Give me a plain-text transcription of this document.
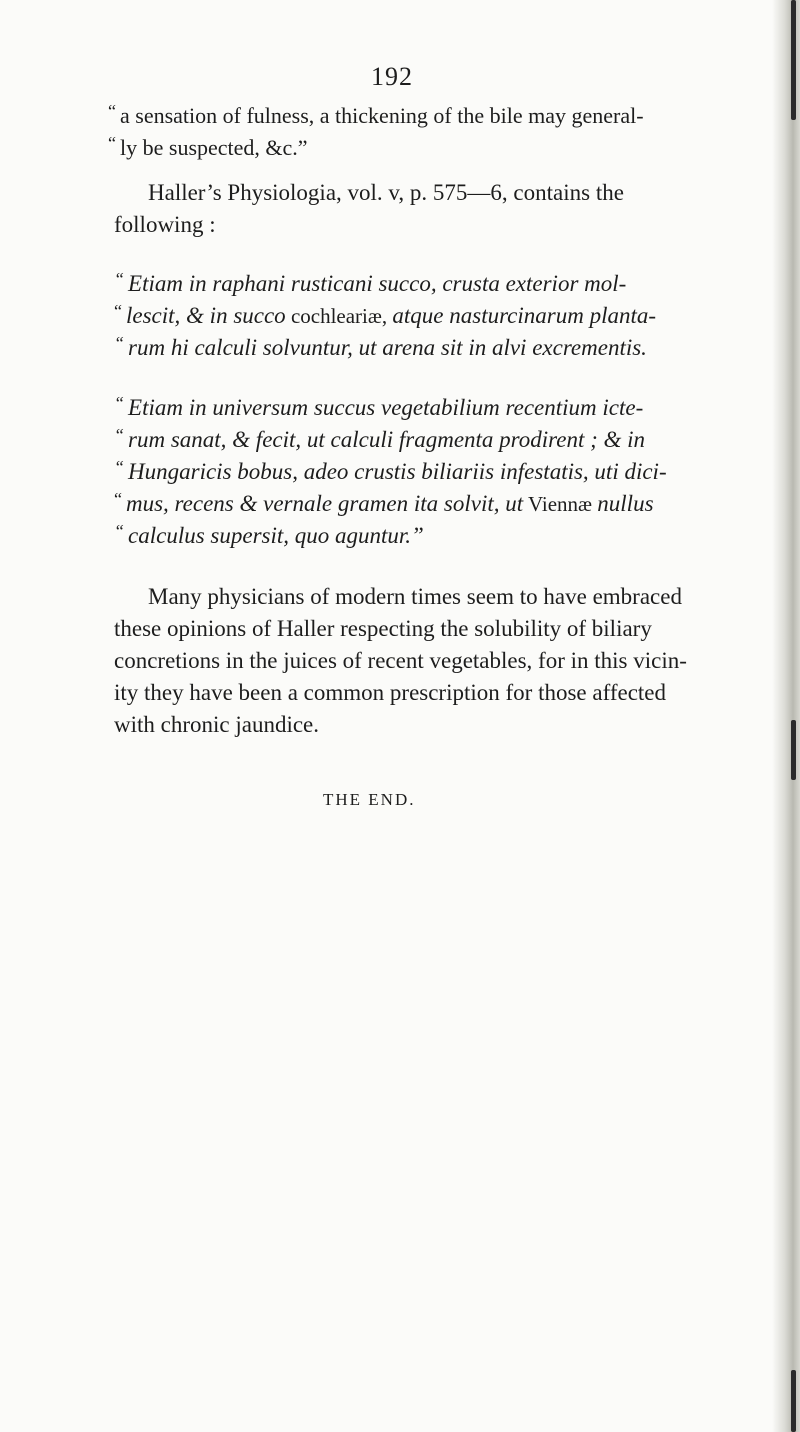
192
“ a sensation of fulness, a thickening of the bile may general-
“ ly be suspected, &c.”
Haller’s Physiologia, vol. v, p. 575—6, contains the
following :
“ Etiam in raphani rusticani succo, crusta exterior mol-
“ lescit, & in succo cochleariæ, atque nasturcinarum planta-
“ rum hi calculi solvuntur, ut arena sit in alvi excrementis.
“ Etiam in universum succus vegetabilium recentium icte-
“ rum sanat, & fecit, ut calculi fragmenta prodirent ; & in
“ Hungaricis bobus, adeo crustis biliariis infestatis, uti dici-
“ mus, recens & vernale gramen ita solvit, ut Viennæ nullus
“ calculus supersit, quo aguntur.”
Many physicians of modern times seem to have embraced
these opinions of Haller respecting the solubility of biliary
concretions in the juices of recent vegetables, for in this vicin-
ity they have been a common prescription for those affected
with chronic jaundice.
THE END.
